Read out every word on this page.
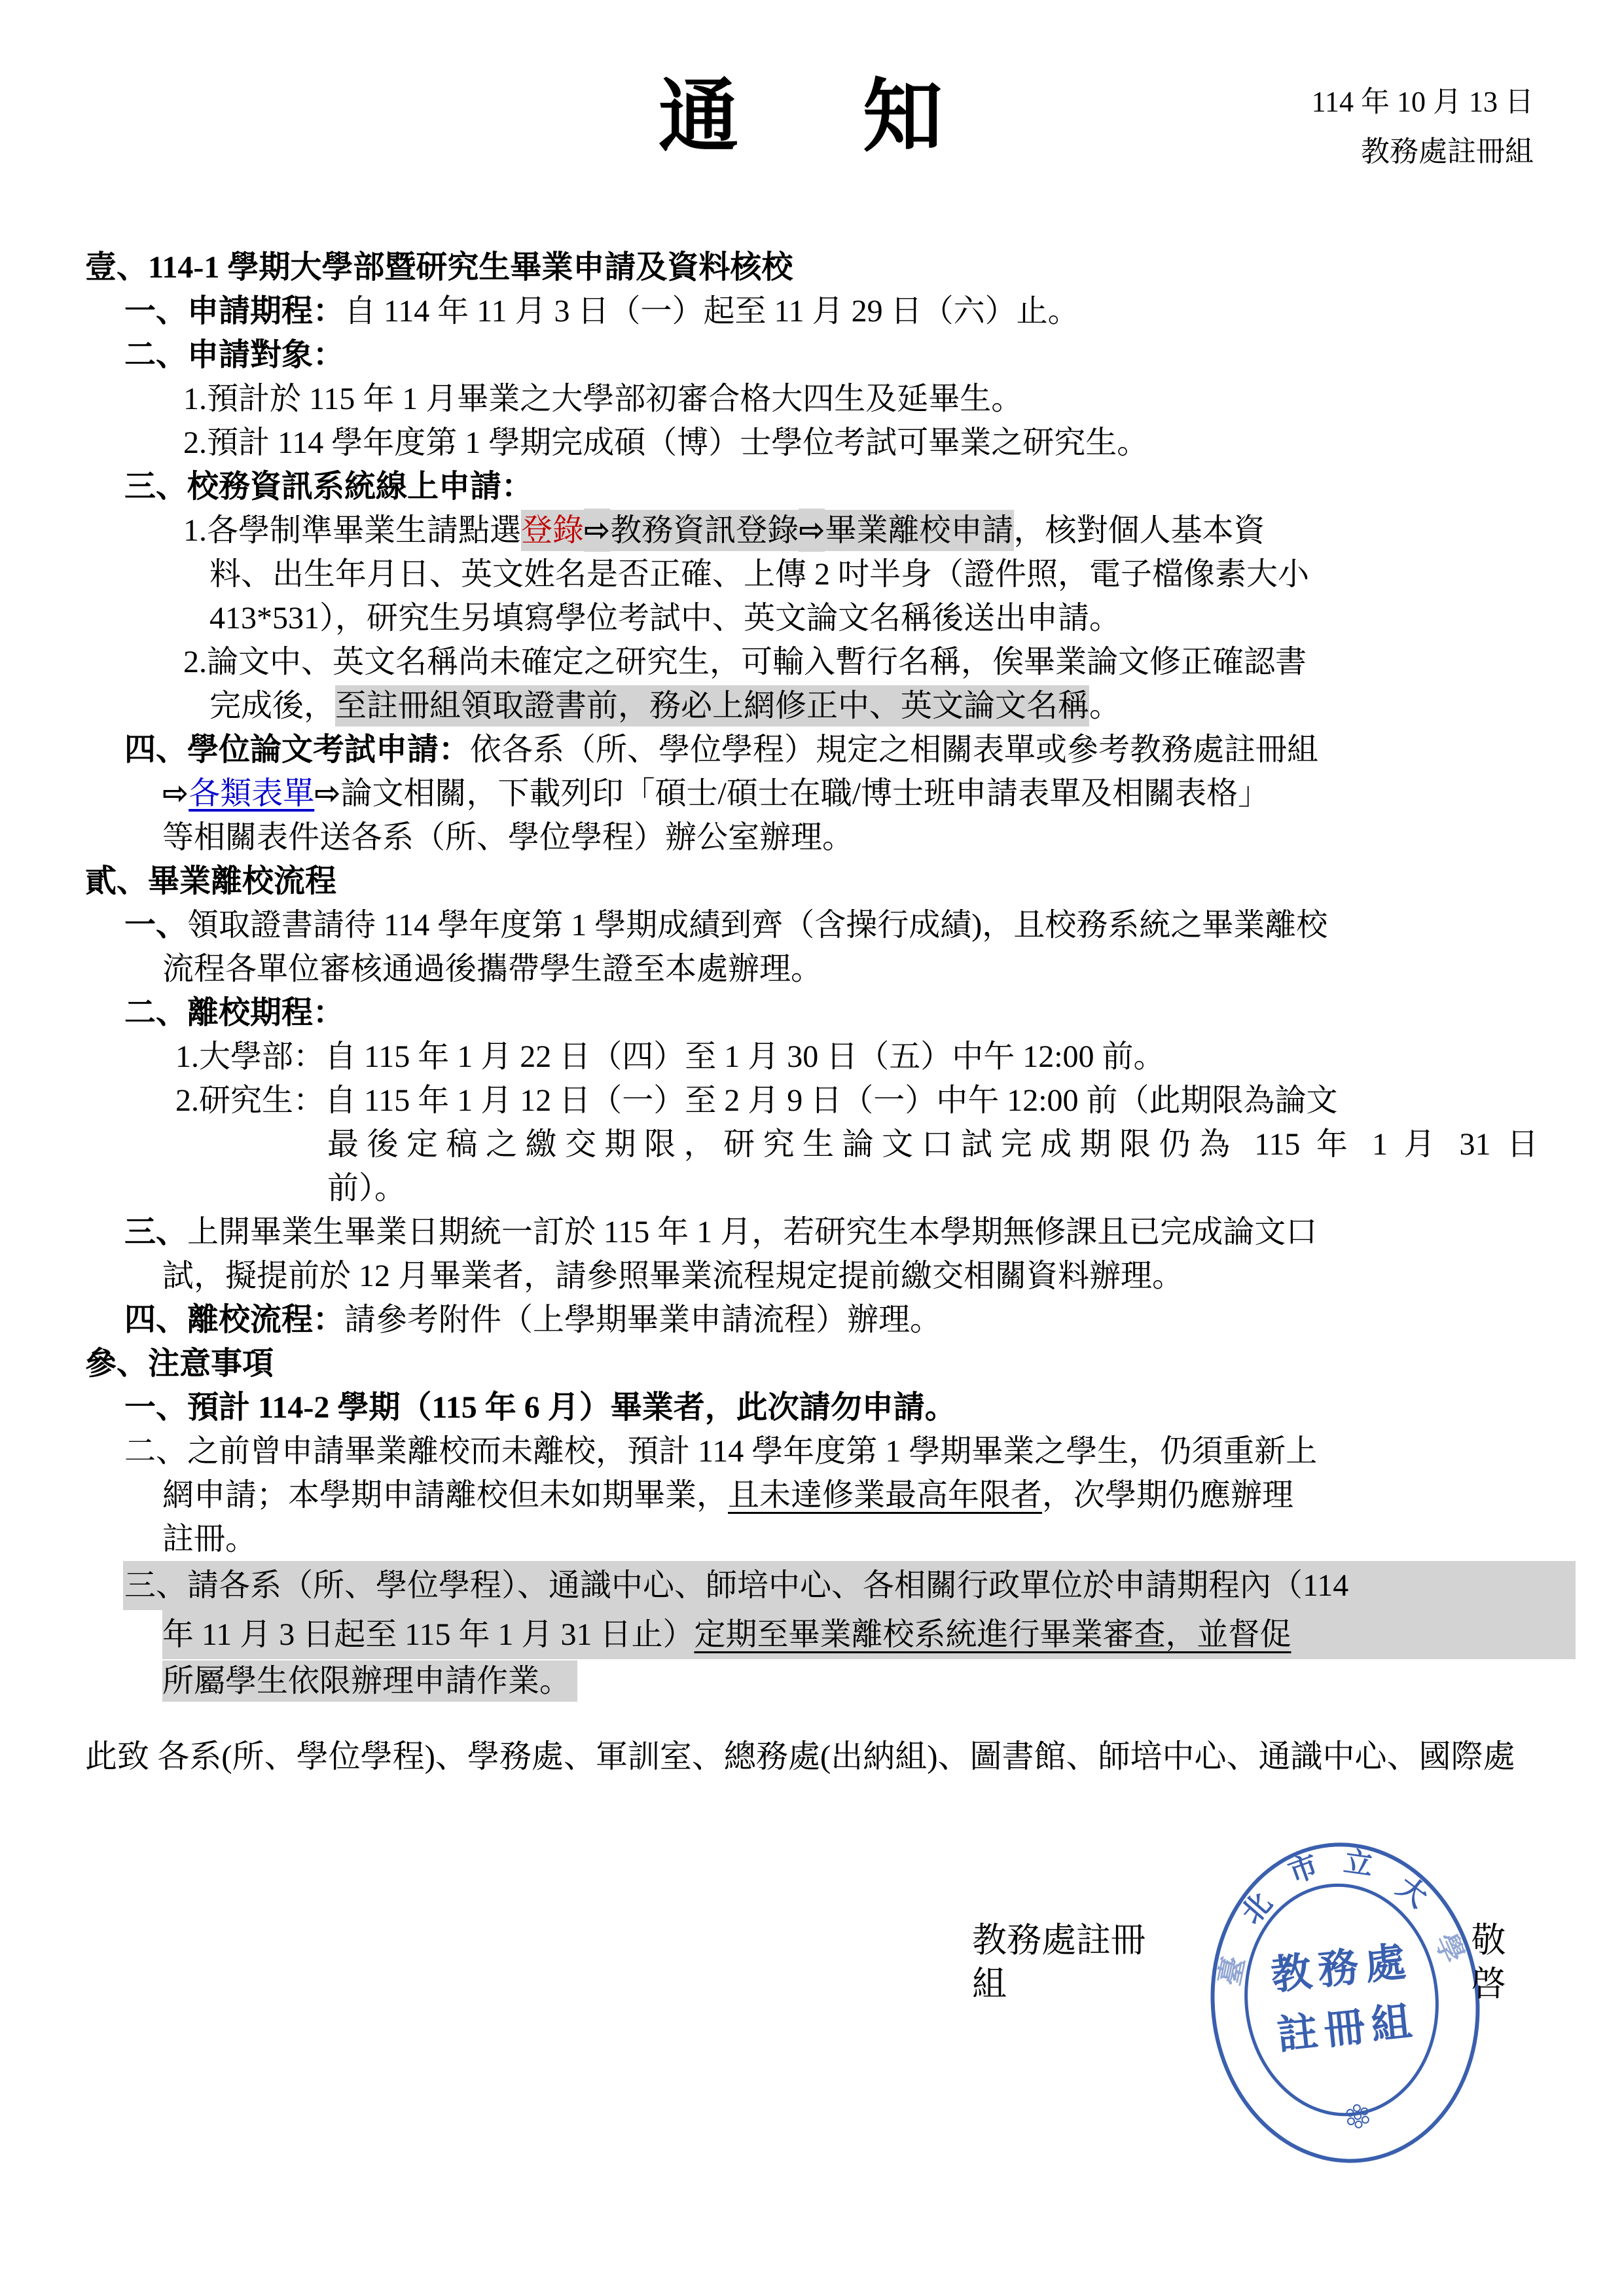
通　知	114 年 10 月 13 日
教務處註冊組
壹、114-1 學期大學部暨研究生畢業申請及資料核校
一、申請期程：自 114 年 11 月 3 日（一）起至 11 月 29 日（六）止。
二、申請對象：
1.預計於 115 年 1 月畢業之大學部初審合格大四生及延畢生。
2.預計 114 學年度第 1 學期完成碩（博）士學位考試可畢業之研究生。
三、校務資訊系統線上申請：
1.各學制準畢業生請點選登錄⇨教務資訊登錄⇨畢業離校申請，核對個人基本資
料、出生年月日、英文姓名是否正確、上傳 2 吋半身（證件照，電子檔像素大小
413*531），研究生另填寫學位考試中、英文論文名稱後送出申請。
2.論文中、英文名稱尚未確定之研究生，可輸入暫行名稱，俟畢業論文修正確認書
完成後，至註冊組領取證書前，務必上網修正中、英文論文名稱。
四、學位論文考試申請：依各系（所、學位學程）規定之相關表單或參考教務處註冊組
⇨各類表單⇨論文相關，下載列印「碩士/碩士在職/博士班申請表單及相關表格」
等相關表件送各系（所、學位學程）辦公室辦理。
貳、畢業離校流程
一、領取證書請待 114 學年度第 1 學期成績到齊（含操行成績)，且校務系統之畢業離校
流程各單位審核通過後攜帶學生證至本處辦理。
二、離校期程：
1.大學部：自 115 年 1 月 22 日（四）至 1 月 30 日（五）中午 12:00 前。
2.研究生：自 115 年 1 月 12 日（一）至 2 月 9 日（一）中午 12:00 前（此期限為論文
最後定稿之繳交期限，研究生論文口試完成期限仍為 115 年 1 月 31 日
前）。
三、上開畢業生畢業日期統一訂於 115 年 1 月，若研究生本學期無修課且已完成論文口
試，擬提前於 12 月畢業者，請參照畢業流程規定提前繳交相關資料辦理。
四、離校流程：請參考附件（上學期畢業申請流程）辦理。
參、注意事項
一、預計 114-2 學期（115 年 6 月）畢業者，此次請勿申請。
二、之前曾申請畢業離校而未離校，預計 114 學年度第 1 學期畢業之學生，仍須重新上
網申請；本學期申請離校但未如期畢業，且未達修業最高年限者，次學期仍應辦理
註冊。
三、請各系（所、學位學程）、通識中心、師培中心、各相關行政單位於申請期程內（114
年 11 月 3 日起至 115 年 1 月 31 日止）定期至畢業離校系統進行畢業審查，並督促
所屬學生依限辦理申請作業。
此致 各系(所、學位學程)、學務處、軍訓室、總務處(出納組)、圖書館、師培中心、通識中心、國際處
教務處註冊組
敬啓
臺
北
市 立
大
學
教務處
註冊組
